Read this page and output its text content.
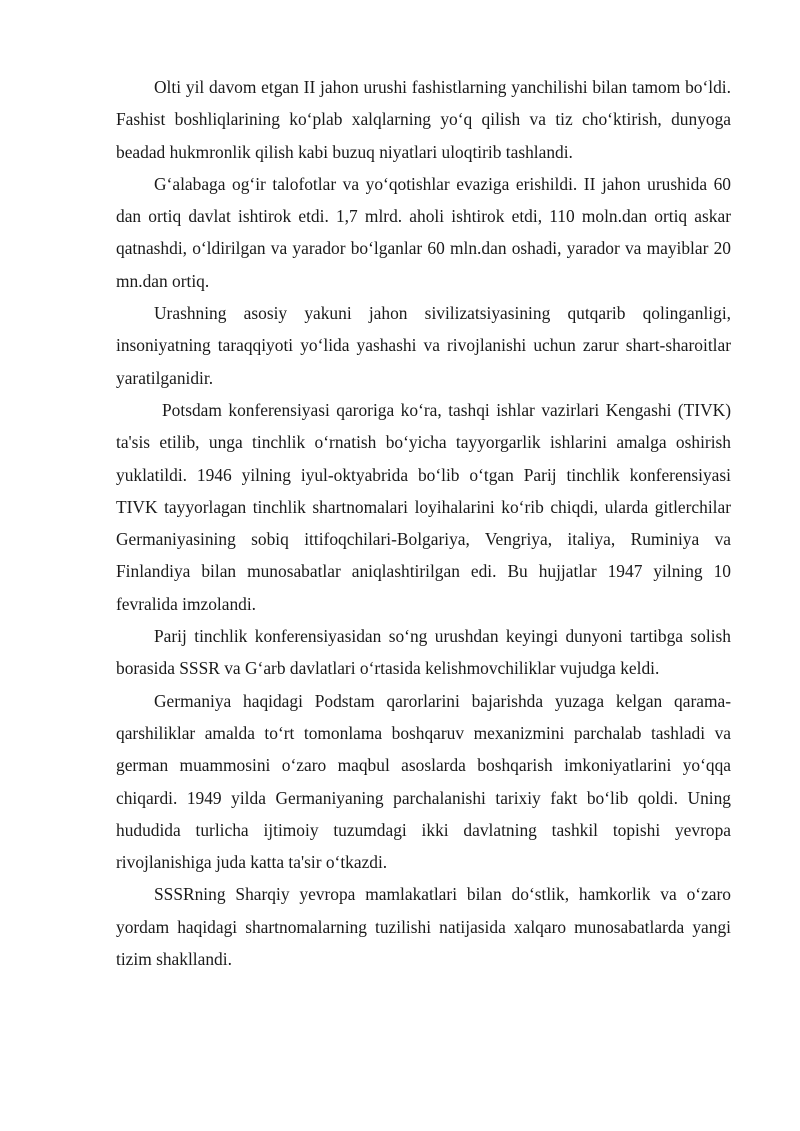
Olti yil davom etgan II jahon urushi fashistlarning yanchilishi bilan tamom bo‘ldi. Fashist boshliqlarining ko‘plab xalqlarning yo‘q qilish va tiz cho‘ktirish, dunyoga beadad hukmronlik qilish kabi buzuq niyatlari uloqtirib tashlandi.

G‘alabaga og‘ir talofotlar va yo‘qotishlar evaziga erishildi. II jahon urushida 60 dan ortiq davlat ishtirok etdi. 1,7 mlrd. aholi ishtirok etdi, 110 moln.dan ortiq askar qatnashdi, o‘ldirilgan va yarador bo‘lganlar 60 mln.dan oshadi, yarador va mayiblar 20 mn.dan ortiq.

Urashning asosiy yakuni jahon sivilizatsiyasining qutqarib qolinganligi, insoniyatning taraqqiyoti yo‘lida yashashi va rivojlanishi uchun zarur shart-sharoitlar yaratilganidir.

Potsdam konferensiyasi qaroriga ko‘ra, tashqi ishlar vazirlari Kengashi (TIVK) ta'sis etilib, unga tinchlik o‘rnatish bo‘yicha tayyorgarlik ishlarini amalga oshirish yuklatildi. 1946 yilning iyul-oktyabrida bo‘lib o‘tgan Parij tinchlik konferensiyasi TIVK tayyorlagan tinchlik shartnomalari loyihalarini ko‘rib chiqdi, ularda gitlerchilar Germaniyasining sobiq ittifoqchilari-Bolgariya, Vengriya, italiya, Ruminiya va Finlandiya bilan munosabatlar aniqlashtirilgan edi. Bu hujjatlar 1947 yilning 10 fevralida imzolandi.

Parij tinchlik konferensiyasidan so‘ng urushdan keyingi dunyoni tartibga solish borasida SSSR va G‘arb davlatlari o‘rtasida kelishmovchiliklar vujudga keldi.

Germaniya haqidagi Podstam qarorlarini bajarishda yuzaga kelgan qarama-qarshiliklar amalda to‘rt tomonlama boshqaruv mexanizmini parchalab tashladi va german muammosini o‘zaro maqbul asoslarda boshqarish imkoniyatlarini yo‘qqa chiqardi. 1949 yilda Germaniyaning parchalanishi tarixiy fakt bo‘lib qoldi. Uning hududida turlicha ijtimoiy tuzumdagi ikki davlatning tashkil topishi yevropa rivojlanishiga juda katta ta'sir o‘tkazdi.

SSSRning Sharqiy yevropa mamlakatlari bilan do‘stlik, hamkorlik va o‘zaro yordam haqidagi shartnomalarning tuzilishi natijasida xalqaro munosabatlarda yangi tizim shakllandi.
